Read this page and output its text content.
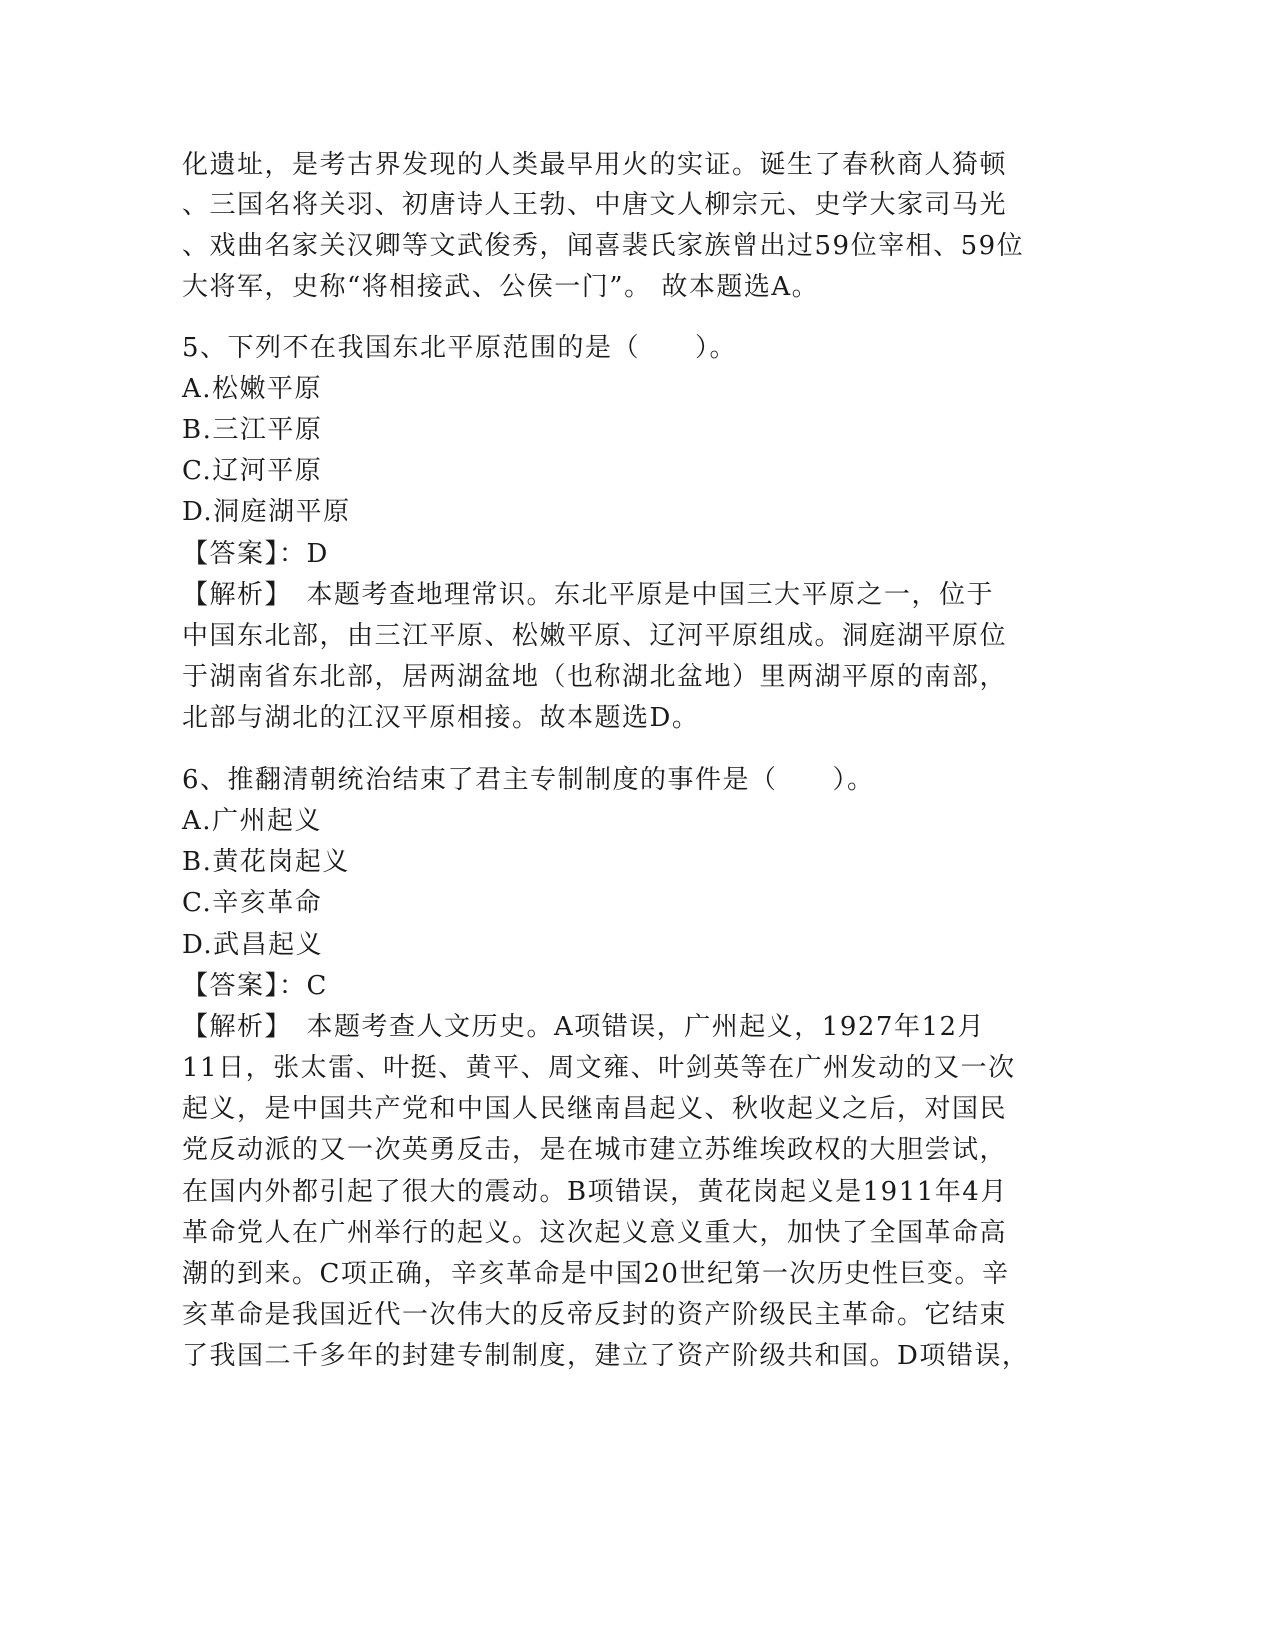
化遗址，是考古界发现的人类最早用火的实证。诞生了春秋商人猗顿
、三国名将关羽、初唐诗人王勃、中唐文人柳宗元、史学大家司马光
、戏曲名家关汉卿等文武俊秀，闻喜裴氏家族曾出过59位宰相、59位
大将军，史称“将相接武、公侯一门”。 故本题选A。
5、下列不在我国东北平原范围的是（　　）。
A.松嫩平原
B.三江平原
C.辽河平原
D.洞庭湖平原
【答案】：D
【解析】　本题考查地理常识。东北平原是中国三大平原之一，位于
中国东北部，由三江平原、松嫩平原、辽河平原组成。洞庭湖平原位
于湖南省东北部，居两湖盆地（也称湖北盆地）里两湖平原的南部，
北部与湖北的江汉平原相接。故本题选D。
6、推翻清朝统治结束了君主专制制度的事件是（　　）。
A.广州起义
B.黄花岗起义
C.辛亥革命
D.武昌起义
【答案】：C
【解析】　本题考查人文历史。A项错误，广州起义，1927年12月
11日，张太雷、叶挺、黄平、周文雍、叶剑英等在广州发动的又一次
起义，是中国共产党和中国人民继南昌起义、秋收起义之后，对国民
党反动派的又一次英勇反击，是在城市建立苏维埃政权的大胆尝试，
在国内外都引起了很大的震动。B项错误，黄花岗起义是1911年4月
革命党人在广州举行的起义。这次起义意义重大，加快了全国革命高
潮的到来。C项正确，辛亥革命是中国20世纪第一次历史性巨变。辛
亥革命是我国近代一次伟大的反帝反封的资产阶级民主革命。它结束
了我国二千多年的封建专制制度，建立了资产阶级共和国。D项错误，
